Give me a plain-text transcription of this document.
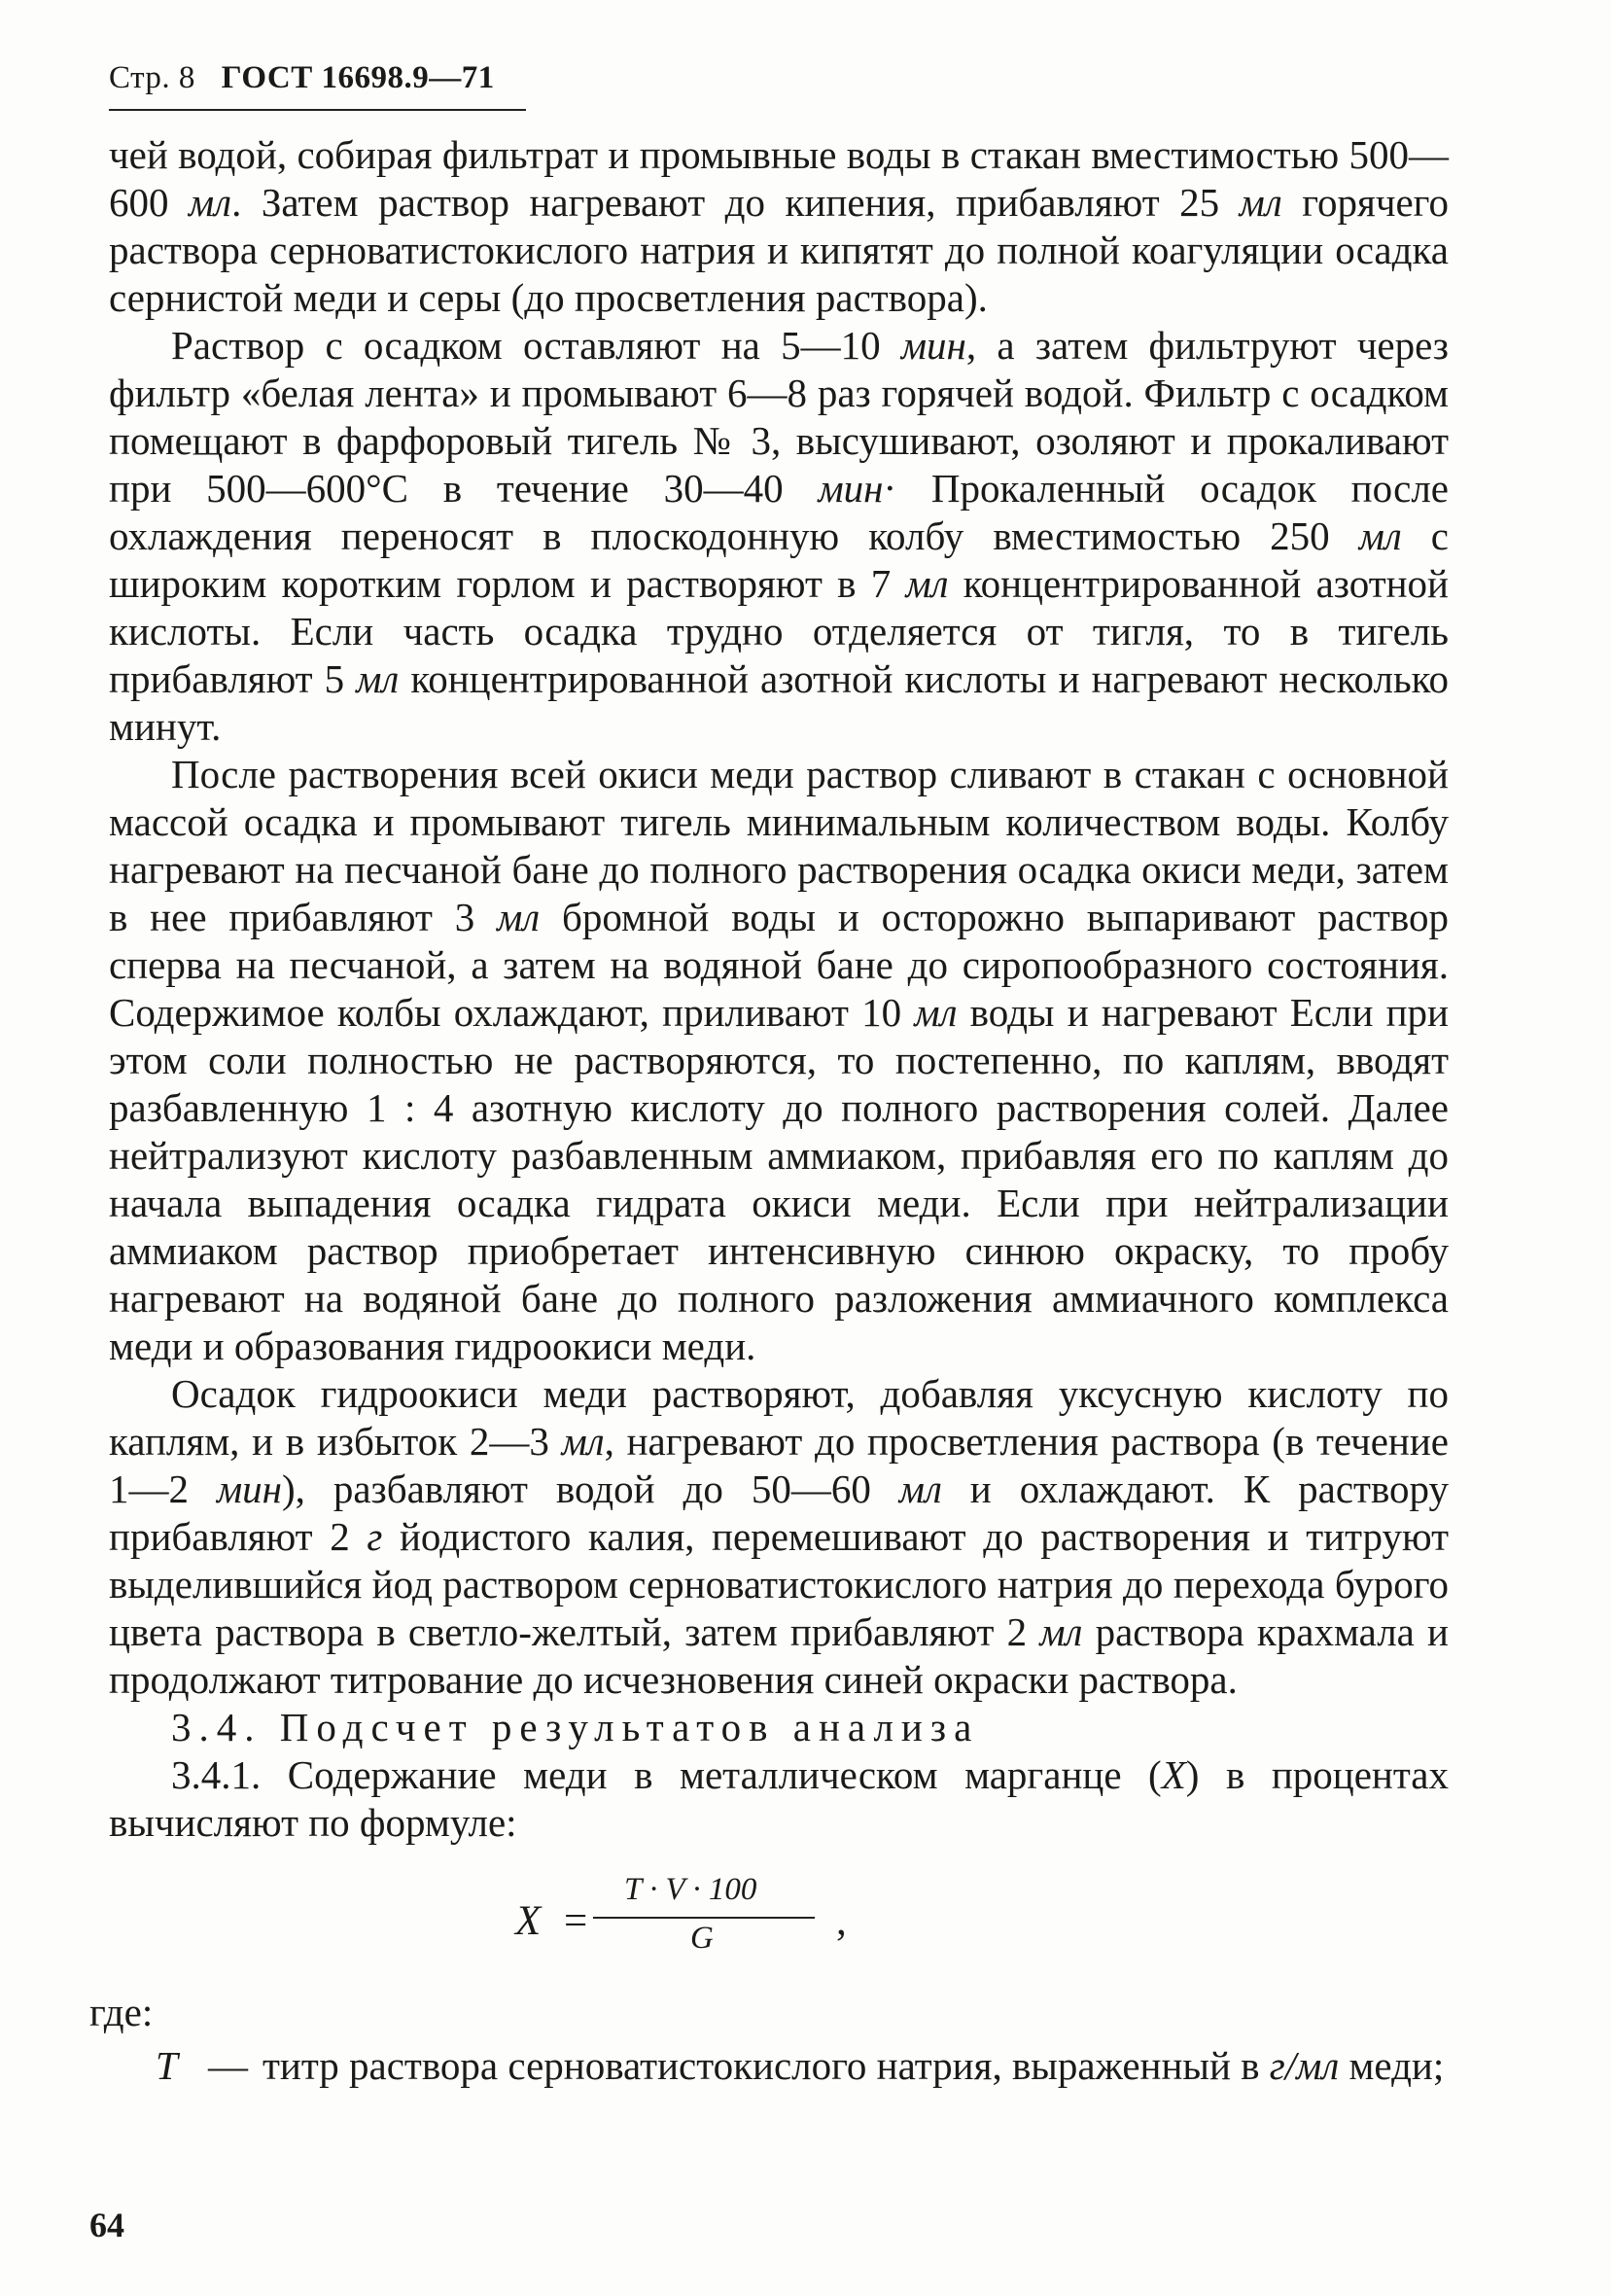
Стр. 8 ГОСТ 16698.9—71

чей водой, собирая фильтрат и промывные воды в стакан вместимостью 500—600 мл. Затем раствор нагревают до кипения, прибавляют 25 мл горячего раствора серноватистокислого натрия и кипятят до полной коагуляции осадка сернистой меди и серы (до просветления раствора).

Раствор с осадком оставляют на 5—10 мин, а затем фильтруют через фильтр «белая лента» и промывают 6—8 раз горячей водой. Фильтр с осадком помещают в фарфоровый тигель № 3, высушивают, озоляют и прокаливают при 500—600°С в течение 30—40 мин· Прокаленный осадок после охлаждения переносят в плоскодонную колбу вместимостью 250 мл с широким коротким горлом и растворяют в 7 мл концентрированной азотной кислоты. Если часть осадка трудно отделяется от тигля, то в тигель прибавляют 5 мл концентрированной азотной кислоты и нагревают несколько минут.

После растворения всей окиси меди раствор сливают в стакан с основной массой осадка и промывают тигель минимальным количеством воды. Колбу нагревают на песчаной бане до полного растворения осадка окиси меди, затем в нее прибавляют 3 мл бромной воды и осторожно выпаривают раствор сперва на песчаной, а затем на водяной бане до сиропообразного состояния. Содержимое колбы охлаждают, приливают 10 мл воды и нагревают Если при этом соли полностью не растворяются, то постепенно, по каплям, вводят разбавленную 1 : 4 азотную кислоту до полного растворения солей. Далее нейтрализуют кислоту разбавленным аммиаком, прибавляя его по каплям до начала выпадения осадка гидрата окиси меди. Если при нейтрализации аммиаком раствор приобретает интенсивную синюю окраску, то пробу нагревают на водяной бане до полного разложения аммиачного комплекса меди и образования гидроокиси меди.

Осадок гидроокиси меди растворяют, добавляя уксусную кислоту по каплям, и в избыток 2—3 мл, нагревают до просветления раствора (в течение 1—2 мин), разбавляют водой до 50—60 мл и охлаждают. К раствору прибавляют 2 г йодистого калия, перемешивают до растворения и титруют выделившийся йод раствором серноватистокислого натрия до перехода бурого цвета раствора в светло-желтый, затем прибавляют 2 мл раствора крахмала и продолжают титрование до исчезновения синей окраски раствора.

3.4. Подсчет результатов анализа

3.4.1. Содержание меди в металлическом марганце (X) в процентах вычисляют по формуле:

X =
T · V · 100
G	,
где:
T — титр раствора серноватистокислого натрия, выраженный в г/мл меди;
64
